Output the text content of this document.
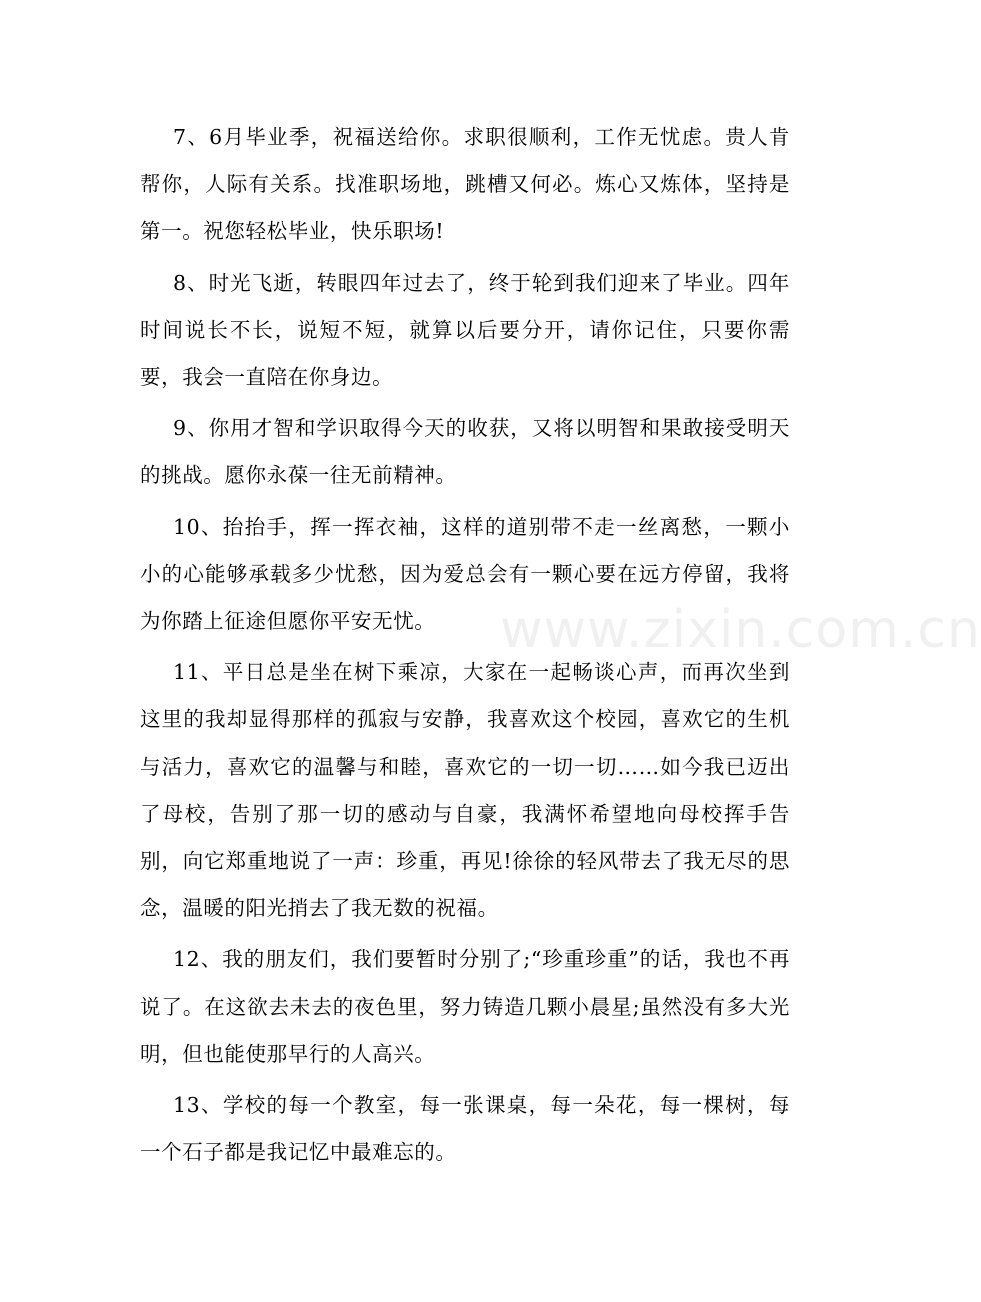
7、6月毕业季，祝福送给你。求职很顺利，工作无忧虑。贵人肯帮你，人际有关系。找准职场地，跳槽又何必。炼心又炼体，坚持是第一。祝您轻松毕业，快乐职场!

8、时光飞逝，转眼四年过去了，终于轮到我们迎来了毕业。四年时间说长不长，说短不短，就算以后要分开，请你记住，只要你需要，我会一直陪在你身边。

9、你用才智和学识取得今天的收获，又将以明智和果敢接受明天的挑战。愿你永葆一往无前精神。

10、抬抬手，挥一挥衣袖，这样的道别带不走一丝离愁，一颗小小的心能够承载多少忧愁，因为爱总会有一颗心要在远方停留，我将为你踏上征途但愿你平安无忧。

11、平日总是坐在树下乘凉，大家在一起畅谈心声，而再次坐到这里的我却显得那样的孤寂与安静，我喜欢这个校园，喜欢它的生机与活力，喜欢它的温馨与和睦，喜欢它的一切一切……如今我已迈出了母校，告别了那一切的感动与自豪，我满怀希望地向母校挥手告别，向它郑重地说了一声：珍重，再见!徐徐的轻风带去了我无尽的思念，温暖的阳光捎去了我无数的祝福。

12、我的朋友们，我们要暂时分别了;“珍重珍重”的话，我也不再说了。在这欲去未去的夜色里，努力铸造几颗小晨星;虽然没有多大光明，但也能使那早行的人高兴。

13、学校的每一个教室，每一张课桌，每一朵花，每一棵树，每一个石子都是我记忆中最难忘的。

www.zixin.com.cn
